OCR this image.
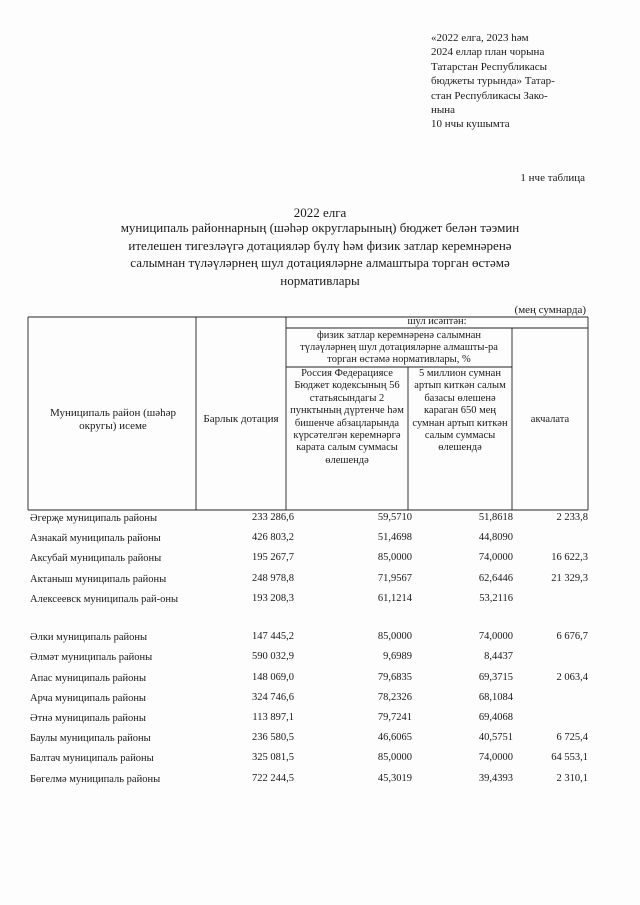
«2022 елга, 2023 һәм
2024 еллар план чорына
Татарстан Республикасы
бюджеты турында» Татар-
стан Республикасы Зако-
нына
10 нчы кушымта
1 нче таблица
2022 елга
муниципаль районнарның (шәһәр округларының) бюджет белән тәэмин
ителешен тигезләүгә дотацияләр бүлү һәм физик затлар керемнәренә
салымнан түләүләрнең шул дотацияләрне алмаштыра торган өстәмә
нормативлары
(мең сумнарда)
Муниципаль район (шәһәр округы) исеме
Барлык дотация
шул исәптән:
физик затлар керемнәренә салымнан түләүләрнең шул дотацияләрне алмашты-ра торган өстәмә нормативлары, %
Россия Федерациясе Бюджет кодексының 56 статьясындагы 2 пунктының дүртенче һәм бишенче абзацларында күрсәтелгән керемнәргә карата салым суммасы өлешендә
5 миллион сумнан артып киткән салым базасы өлешенә караган 650 мең сумнан артып киткән салым суммасы өлешендә
акчалата
Әгерҗе муниципаль районы	233 286,6	59,5710	51,8618	2 233,8
Азнакай муниципаль районы	426 803,2	51,4698	44,8090
Аксубай муниципаль районы	195 267,7	85,0000	74,0000	16 622,3
Актаныш муниципаль районы	248 978,8	71,9567	62,6446	21 329,3
Алексеевск муниципаль рай-оны	193 208,3	61,1214	53,2116
Әлки муниципаль районы	147 445,2	85,0000	74,0000	6 676,7
Әлмәт муниципаль районы	590 032,9	9,6989	8,4437
Апас муниципаль районы	148 069,0	79,6835	69,3715	2 063,4
Арча муниципаль районы	324 746,6	78,2326	68,1084
Әтнә муниципаль районы	113 897,1	79,7241	69,4068
Баулы муниципаль районы	236 580,5	46,6065	40,5751	6 725,4
Балтач муниципаль районы	325 081,5	85,0000	74,0000	64 553,1
Бөгелмә муниципаль районы	722 244,5	45,3019	39,4393	2 310,1
